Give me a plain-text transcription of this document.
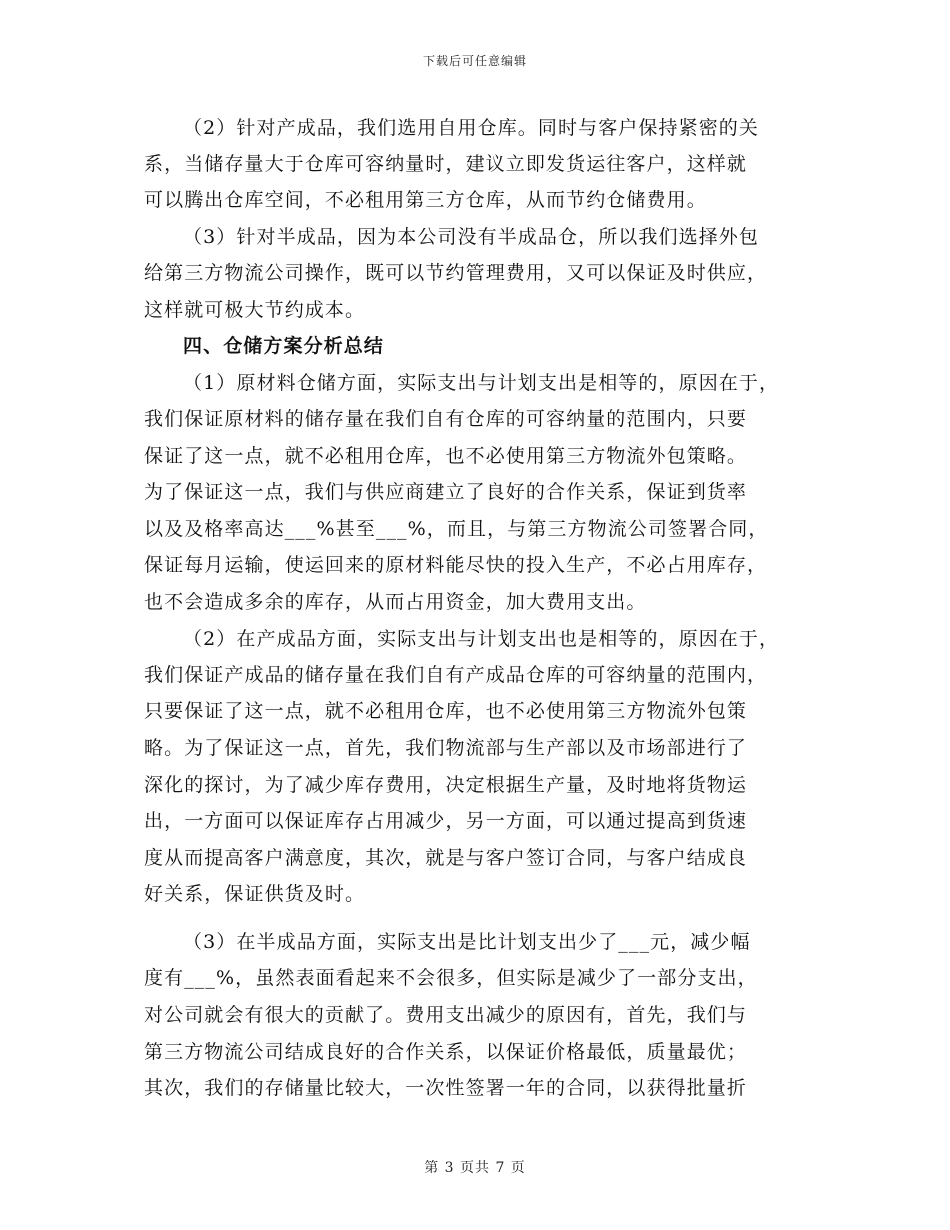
下载后可任意编辑
（2）针对产成品，我们选用自用仓库。同时与客户保持紧密的关
系，当储存量大于仓库可容纳量时，建议立即发货运往客户，这样就
可以腾出仓库空间，不必租用第三方仓库，从而节约仓储费用。
（3）针对半成品，因为本公司没有半成品仓，所以我们选择外包
给第三方物流公司操作，既可以节约管理费用，又可以保证及时供应，
这样就可极大节约成本。
四、仓储方案分析总结
（1）原材料仓储方面，实际支出与计划支出是相等的，原因在于，
我们保证原材料的储存量在我们自有仓库的可容纳量的范围内，只要
保证了这一点，就不必租用仓库，也不必使用第三方物流外包策略。
为了保证这一点，我们与供应商建立了良好的合作关系，保证到货率
以及及格率高达___%甚至___%，而且，与第三方物流公司签署合同，
保证每月运输，使运回来的原材料能尽快的投入生产，不必占用库存，
也不会造成多余的库存，从而占用资金，加大费用支出。
（2）在产成品方面，实际支出与计划支出也是相等的，原因在于，
我们保证产成品的储存量在我们自有产成品仓库的可容纳量的范围内，
只要保证了这一点，就不必租用仓库，也不必使用第三方物流外包策
略。为了保证这一点，首先，我们物流部与生产部以及市场部进行了
深化的探讨，为了减少库存费用，决定根据生产量，及时地将货物运
出，一方面可以保证库存占用减少，另一方面，可以通过提高到货速
度从而提高客户满意度，其次，就是与客户签订合同，与客户结成良
好关系，保证供货及时。
（3）在半成品方面，实际支出是比计划支出少了___元，减少幅
度有___%，虽然表面看起来不会很多，但实际是减少了一部分支出，
对公司就会有很大的贡献了。费用支出减少的原因有，首先，我们与
第三方物流公司结成良好的合作关系，以保证价格最低，质量最优；
其次，我们的存储量比较大，一次性签署一年的合同，以获得批量折
第 3 页共 7 页
